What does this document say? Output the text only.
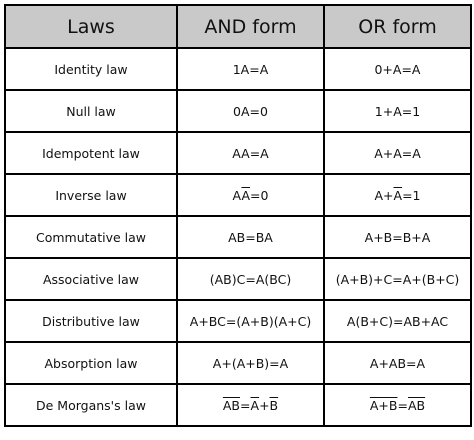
Laws	AND form	OR form
Identity law	1A=A	0+A=A
Null law	0A=0	1+A=1
Idempotent law	AA=A	A+A=A
Inverse law	$A\overline{A}=0$	$A+\overline{A}=1$
Commutative law	AB=BA	A+B=B+A
Associative law	(AB)C=A(BC)	(A+B)+C=A+(B+C)
Distributive law	A+BC=(A+B)(A+C)	A(B+C)=AB+AC
Absorption law	A+(A+B)=A	A+AB=A
De Morgans's law	$\overline{AB}=\overline{A}+\overline{B}$	$A+B=\overline{AB}$
